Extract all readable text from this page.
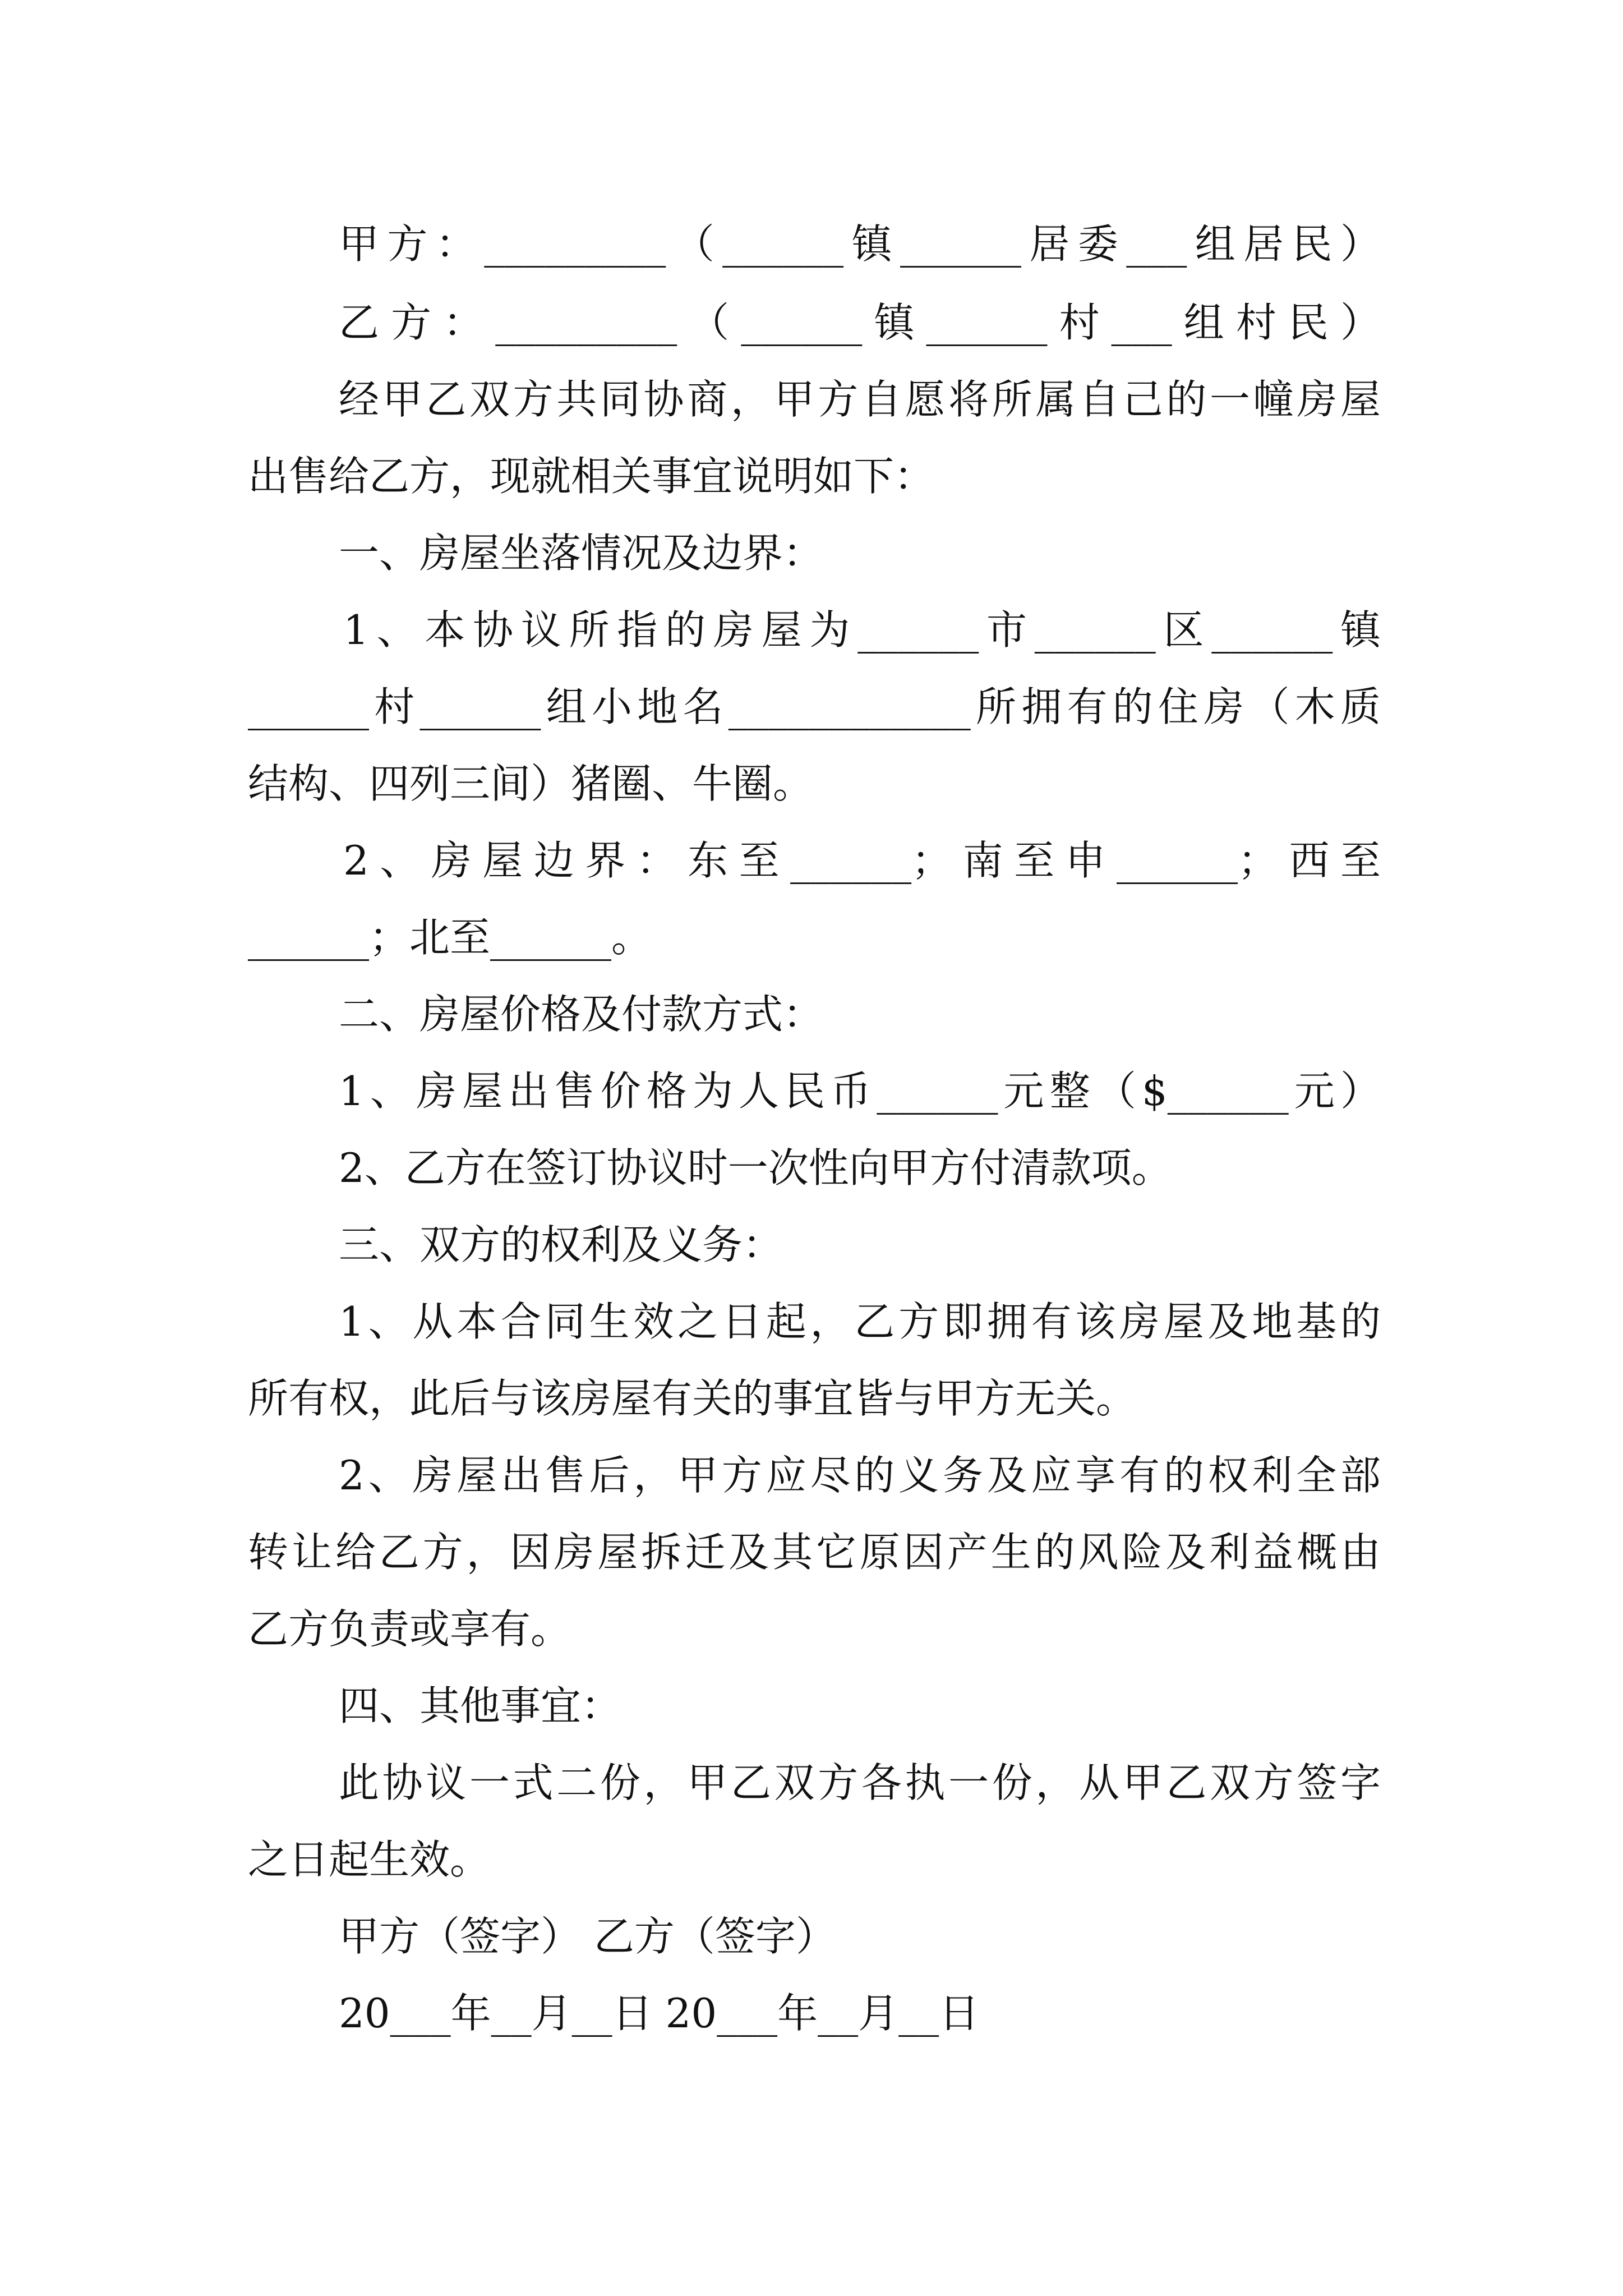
甲方：_________（______镇______居委___组居民）
乙方：_________（______镇______村___组村民）
经甲乙双方共同协商，甲方自愿将所属自己的一幢房屋
出售给乙方，现就相关事宜说明如下：
一、房屋坐落情况及边界：
1、本协议所指的房屋为______市______区______镇
______村______组小地名____________所拥有的住房（木质
结构、四列三间）猪圈、牛圈。
2、房屋边界：东至______；南至申______；西至
______；北至______。
二、房屋价格及付款方式：
1、房屋出售价格为人民币______元整（$______元）
2、乙方在签订协议时一次性向甲方付清款项。
三、双方的权利及义务：
1、从本合同生效之日起，乙方即拥有该房屋及地基的
所有权，此后与该房屋有关的事宜皆与甲方无关。
2、房屋出售后，甲方应尽的义务及应享有的权利全部
转让给乙方，因房屋拆迁及其它原因产生的风险及利益概由
乙方负责或享有。
四、其他事宜：
此协议一式二份，甲乙双方各执一份，从甲乙双方签字
之日起生效。
甲方（签字） 乙方（签字）
20___年__月__日 20___年__月__日
